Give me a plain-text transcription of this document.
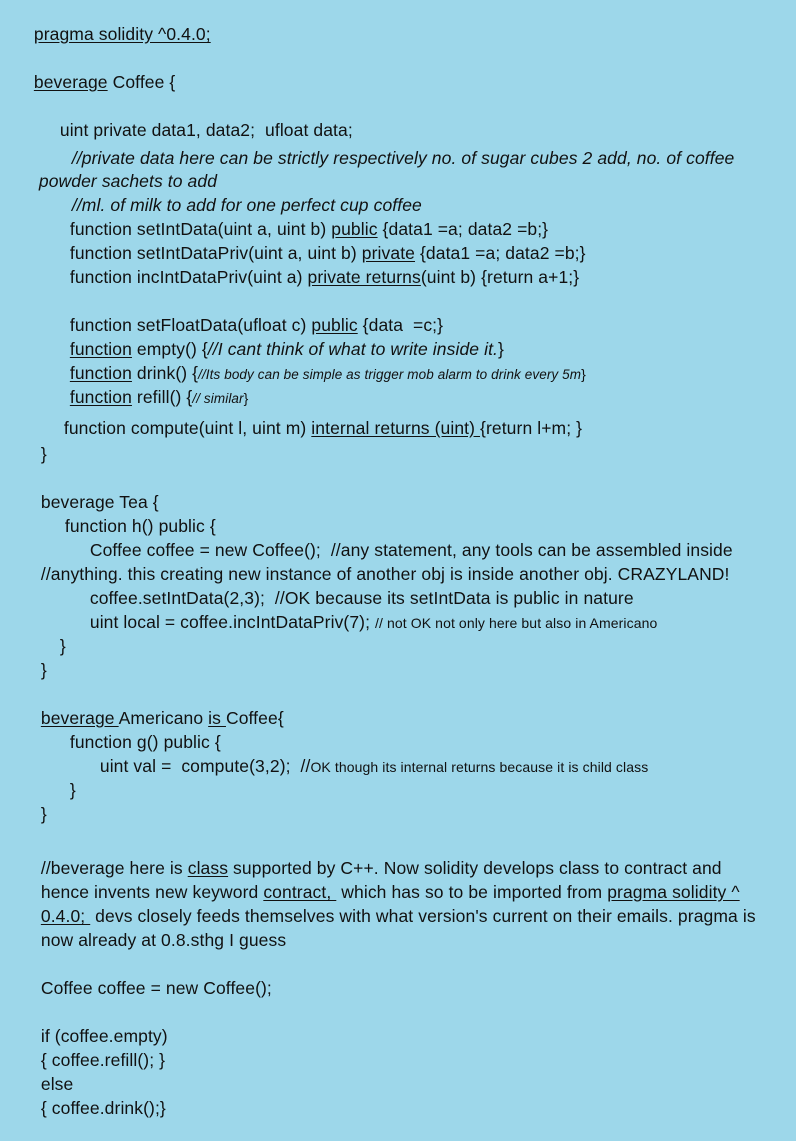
pragma solidity ^0.4.0;

beverage Coffee {

uint private data1, data2;  ufloat data;

//private data here can be strictly respectively no. of sugar cubes 2 add, no. of coffee

powder sachets to add

//ml. of milk to add for one perfect cup coffee

function setIntData(uint a, uint b) public {data1 =a; data2 =b;}

function setIntDataPriv(uint a, uint b) private {data1 =a; data2 =b;}

function incIntDataPriv(uint a) private returns(uint b) {return a+1;}

function setFloatData(ufloat c) public {data  =c;}

function empty() {//I cant think of what to write inside it.}

function drink() {//Its body can be simple as trigger mob alarm to drink every 5m}

function refill() {// similar}

function compute(uint l, uint m) internal returns (uint) {return l+m; }

}

beverage Tea {

function h() public {

Coffee coffee = new Coffee();  //any statement, any tools can be assembled inside

//anything. this creating new instance of another obj is inside another obj. CRAZYLAND!

coffee.setIntData(2,3);  //OK because its setIntData is public in nature

uint local = coffee.incIntDataPriv(7); // not OK not only here but also in Americano

}

}

beverage Americano is Coffee{

function g() public {

uint val =  compute(3,2);  //OK though its internal returns because it is child class

}

}

//beverage here is class supported by C++. Now solidity develops class to contract and

hence invents new keyword contract,  which has so to be imported from pragma solidity ^

0.4.0;  devs closely feeds themselves with what version's current on their emails. pragma is

now already at 0.8.sthg I guess

Coffee coffee = new Coffee();

if (coffee.empty)

{ coffee.refill(); }

else

{ coffee.drink();}
